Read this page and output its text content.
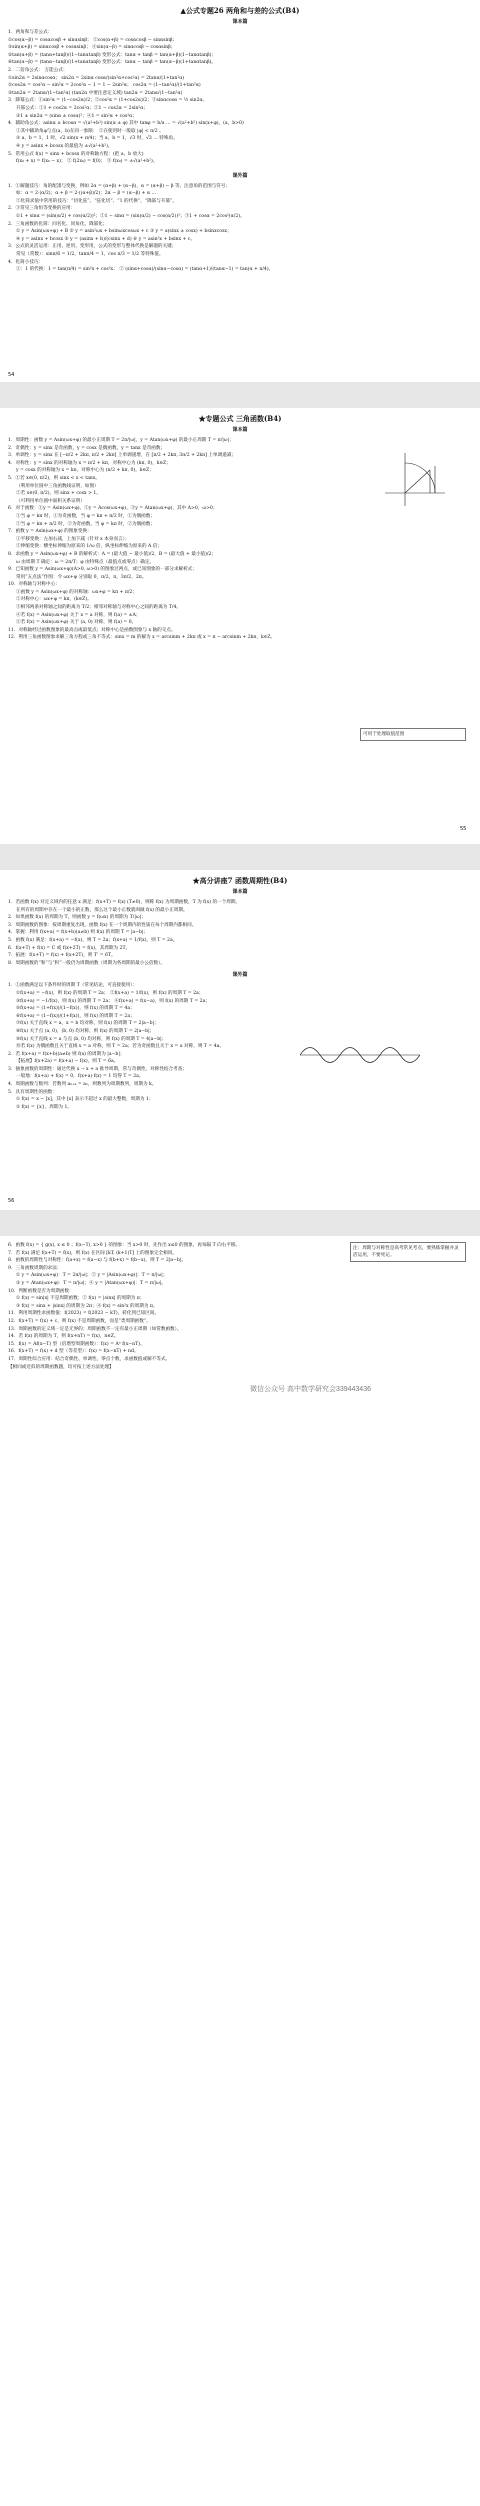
▲公式专题26 两角和与差的公式(B4)
课本篇
1．两角和与差公式：
①cos(α−β) = cosαcosβ + sinαsinβ； ②cos(α+β) = cosαcosβ − sinαsinβ；
③sin(α+β) = sinαcosβ + cosαsinβ； ④sin(α−β) = sinαcosβ − cosαsinβ；
⑤tan(α+β) = (tanα+tanβ)/(1−tanαtanβ) 变形公式：tanα + tanβ = tan(α+β)(1−tanαtanβ)；
⑥tan(α−β) = (tanα−tanβ)/(1+tanαtanβ) 变形公式：tanα − tanβ = tan(α−β)(1+tanαtanβ)。
2．二倍角公式： 万能公式：
①sin2α = 2sinαcosα； sin2α = 2sinα cosα/(sin²α+cos²α) = 2tanα/(1+tan²α)
②cos2α = cos²α − sin²α = 2cos²α − 1 = 1 − 2sin²α； cos2α = (1−tan²α)/(1+tan²α)
③tan2α = 2tanα/(1−tan²α) (tan2α 中要注意定义域) tan2α = 2tanα/(1−tan²α)
3．降幂公式：①sin²α = (1−cos2α)/2；②cos²α = (1+cos2α)/2；③sinαcosα = ½ sin2α。
升幂公式：①1 + cos2α = 2cos²α；②1 − cos2α = 2sin²α；
③1 ± sin2α = (sinα ± cosα)²；④1 = sin²α + cos²α；
4．辅助角公式：asinα ± bcosα = √(a²+b²) sin(α ± φ) 其中 tanφ = b/a … = √(a²+b²) sin(x+φ)，(a，b>0)
①其中辅助角φ与点(a，b)在同一象限： ②在使用时一般取 |φ| < π/2 。
③ a，b = 1，1 时，√2 sin(x + π/4)；当 a，b = 1，√3 时，√3 … 特殊角。
④ y = asinx + bcosx 的最值为 ±√(a²+b²)。
5．常用公式 f(x) = sinx + bcosx 的对称轴方程：(把 a，b 放大)
f(x₀ + x) = f(x₀ − x)； ② f(2x₀) = f(0)； ③ f(x₀) = ±√(a²+b²)。
课外篇
1．①解题技巧：角的配凑与变换，例如 2α = (α+β) + (α−β)，α = (α+β) − β 等，注意角的范围与符号；
如：α = 2·(α/2)；α + β = 2·((α+β)/2)；2α − β = (α−β) + α …
②化简求值中常用的技巧：“切化弦”、“弦化切”、“1 的代换”、“降幂与升幂”。
2．③常见三角恒等变换的应用：
①1 + sinα = (sin(α/2) + cos(α/2))²；②1 − sinα = (sin(α/2) − cos(α/2))²；③1 + cosα = 2cos²(α/2)。
2．三角函数的化简：同名化、同角化、降幂化；
① y = Asin(ωx+φ) + B ② y = asin²ωx + bsinωxcosωx + c ③ y = a(sinx ± cosx) + bsinxcosx；
④ y = asinx + bcosx ⑤ y = (asinx + b)/(csinx + d) ⑥ y = asin²x + bsinx + c。
3．公式的灵活运用：正用、逆用、变形用，公式的变形与整体代换是解题的关键；
常见（常数）：sinπ/6 = 1/2，tanπ/4 = 1，cos π/3 = 1/2 等特殊值。
4．化简小技巧：
①：1 的代换：1 = tan(π/4) = sin²x + cos²x； ② (sinα+cosα)/(sinα−cosα) = (tanα+1)/(tanα−1) = tan(α + π/4)。
54
★专题公式 三角函数(B4)
课本篇
1．周期性：函数 y = Asin(ωx+φ) 的最小正周期 T = 2π/|ω|，y = Atan(ωx+φ) 的最小正周期 T = π/|ω|；
2．奇偶性：y = sinx 是奇函数，y = cosx 是偶函数，y = tanx 是奇函数；
3．单调性：y = sinx 在 [−π/2 + 2kπ, π/2 + 2kπ] 上单调递增，在 [π/2 + 2kπ, 3π/2 + 2kπ] 上单调递减；
4．对称性：y = sinx 的对称轴为 x = π/2 + kπ，对称中心为 (kπ, 0)，k∈Z；
y = cosx 的对称轴为 x = kπ，对称中心为 (π/2 + kπ, 0)，k∈Z；
5．①若 x∈(0, π/2)，则 sinx < x < tanx。
（利用单位圆中三角函数线证明，如图）
②若 x∈(0, π/2)，则 sinx + cosx > 1。
（可利用单位圆中面积关系证明）
6．对于函数：①y = Asin(ωx+φ)、②y = Acos(ωx+φ)、③y = Atan(ωx+φ)，其中 A>0，ω>0；
①当 φ = kπ 时，①为奇函数，当 φ = kπ + π/2 时，①为偶函数；
②当 φ = kπ + π/2 时，②为奇函数，当 φ = kπ 时，②为偶函数；
7．函数 y = Asin(ωx+φ) 的图象变换：
①平移变换：左加右减，上加下减（针对 x 本身而言）；
②伸缩变换：横坐标伸缩为原来的 1/ω 倍，纵坐标伸缩为原来的 A 倍；
8．求函数 y = Asin(ωx+φ) + B 的解析式：A = (最大值 − 最小值)/2，B = (最大值 + 最小值)/2；
ω 由周期 T 确定：ω = 2π/T；φ 由特殊点（最值点或零点）确定。
9．已知函数 y = Asin(ωx+φ)(A>0, ω>0) 的图象过两点，或已知图象的一部分求解析式；
常用“五点法”作图：令 ωx+φ 分别取 0，π/2，π，3π/2，2π。
10．对称轴与对称中心：
①函数 y = Asin(ωx+φ) 的对称轴：ωx+φ = kπ + π/2；
②对称中心：ωx+φ = kπ，(k∈Z)。
③相邻两条对称轴之间的距离为 T/2；相邻对称轴与对称中心之间的距离为 T/4。
④若 f(x) = Asin(ωx+φ) 关于 x = a 对称，则 f(a) = ±A；
⑤若 f(x) = Asin(ωx+φ) 关于 (a, 0) 对称，则 f(a) = 0。
11．对称轴经过函数图象的最高点或最低点；对称中心是函数图象与 x 轴的交点。
12．利用三角函数图象求解三角方程或三角不等式：sinx = m 的解为 x = arcsinm + 2kπ 或 x = π − arcsinm + 2kπ，k∈Z。
可用于处理取值范围
55
★高分讲座7 函数周期性(B4)
课本篇
1．若函数 f(x) 对定义域内的任意 x 满足：f(x+T) = f(x) (T≠0)，则称 f(x) 为周期函数，T 为 f(x) 的一个周期。
在所有的周期中存在一个最小的正数，那么这个最小正数就叫做 f(x) 的最小正周期。
2．如果函数 f(x) 的周期为 T，则函数 y = f(ωx) 的周期为 T/|ω|；
3．周期函数的图象：按周期重复出现，函数 f(x) 在一个周期内的性质在每个周期内都相同。
4．掌握：利用 f(x+a) = f(x+b)(a≠b) 则 f(x) 的周期 T = |a−b|；
5．函数 f(x) 满足：f(x+a) = −f(x)，则 T = 2a；f(x+a) = 1/f(x)，则 T = 2a。
6．f(x+T) + f(x) = C 或 f(x+2T) = f(x)，其周期为 2T。
7．拓展：f(x+T) = f(x) + f(x+2T)，则 T' = 6T。
8．周期函数的“和”与“积”一般仍为周期函数（周期为各周期的最小公倍数）。
课外篇
1．①函数满足以下条件时的周期 T（常见结论，可直接使用）：
①f(x+a) = −f(x)，则 f(x) 的周期 T = 2a； ②f(x+a) = 1/f(x)，则 f(x) 的周期 T = 2a；
③f(x+a) = −1/f(x)，则 f(x) 的周期 T = 2a； ④f(x+a) = f(x−a)，则 f(x) 的周期 T = 2a；
⑤f(x+a) = (1+f(x))/(1−f(x))，则 f(x) 的周期 T = 4a；
⑥f(x+a) = (1−f(x))/(1+f(x))，则 f(x) 的周期 T = 2a；
⑦f(x) 关于直线 x = a，x = b 均对称，则 f(x) 的周期 T = 2|a−b|；
⑧f(x) 关于点 (a, 0)，(b, 0) 均对称，则 f(x) 的周期 T = 2|a−b|；
⑨f(x) 关于直线 x = a 与点 (b, 0) 均对称，则 f(x) 的周期 T = 4|a−b|；
⑩若 f(x) 为偶函数且关于直线 x = a 对称，则 T = 2a；若为奇函数且关于 x = a 对称，则 T = 4a。
2．若 f(x+a) = f(x+b)(a≠b) 则 f(x) 的周期为 |a−b|；
【拓展】f(x+2a) = f(x+a) − f(x)，则 T = 6a。
3．抽象函数的周期性：通过代换 x → x + a 推导周期，常与奇偶性、对称性结合考查；
一般地：f(x+a) + f(x) = 0，f(x+a)·f(x) = 1 均得 T = 2a。
4．周期函数与数列：若数列 aₙ₊ₖ = aₙ，则数列为周期数列，周期为 k。
5．具有周期性的函数：
① f(x) = x − [x]，其中 [x] 表示不超过 x 的最大整数，周期为 1；
② f(x) = {x}，周期为 1。
56
6．函数 f(x) = { g(x), x ≤ 0 ；f(x−T), x>0 } 的图象：当 x>0 时，先作出 x≤0 的图象，再每隔 T 向右平移。
7．若 f(x) 满足 f(x+T) = f(x)，则 f(x) 在区间 [kT, (k+1)T] 上的图象完全相同。
8．函数的周期性与对称性：f(a+x) = f(a−x) 与 f(b+x) = f(b−x)，则 T = 2|a−b|。
9．三角函数周期的求法：
① y = Asin(ωx+φ)：T = 2π/|ω|；② y = |Asin(ωx+φ)|：T = π/|ω|；
③ y = Atan(ωx+φ)：T = π/|ω|；④ y = |Atan(ωx+φ)|：T = π/|ω|。
10．判断函数是否为周期函数：
① f(x) = sin|x| 不是周期函数；② f(x) = |sinx| 的周期为 π；
③ f(x) = sinx + |sinx| 的周期为 2π；④ f(x) = sin²x 的周期为 π。
11．利用周期性求函数值：f(2023) = f(2023 − kT)，转化到已知区间。
12．f(x+T) = f(x) + c，则 f(x) 不是周期函数，而是“类周期函数”。
13．周期函数的定义域一定是无界的；周期函数不一定有最小正周期（如常数函数）。
14．若 f(x) 的周期为 T，则 f(x+nT) = f(x)，n∈Z。
15．f(x) = Af(x−T) 型（倍增型周期函数）：f(x) = Aⁿ f(x−nT)。
16．f(x+T) = f(x) + d 型（等差型）：f(x) = f(x−nT) + nd。
17．周期性综合应用：结合奇偶性、单调性、零点个数，求函数值或解不等式。
【相同或近似的周期函数题，均可按上述方法处理】
注：周期与对称性是高考常见考点，要熟练掌握并灵活运用，不要死记。
微信公众号 高中数学研究会339443436
